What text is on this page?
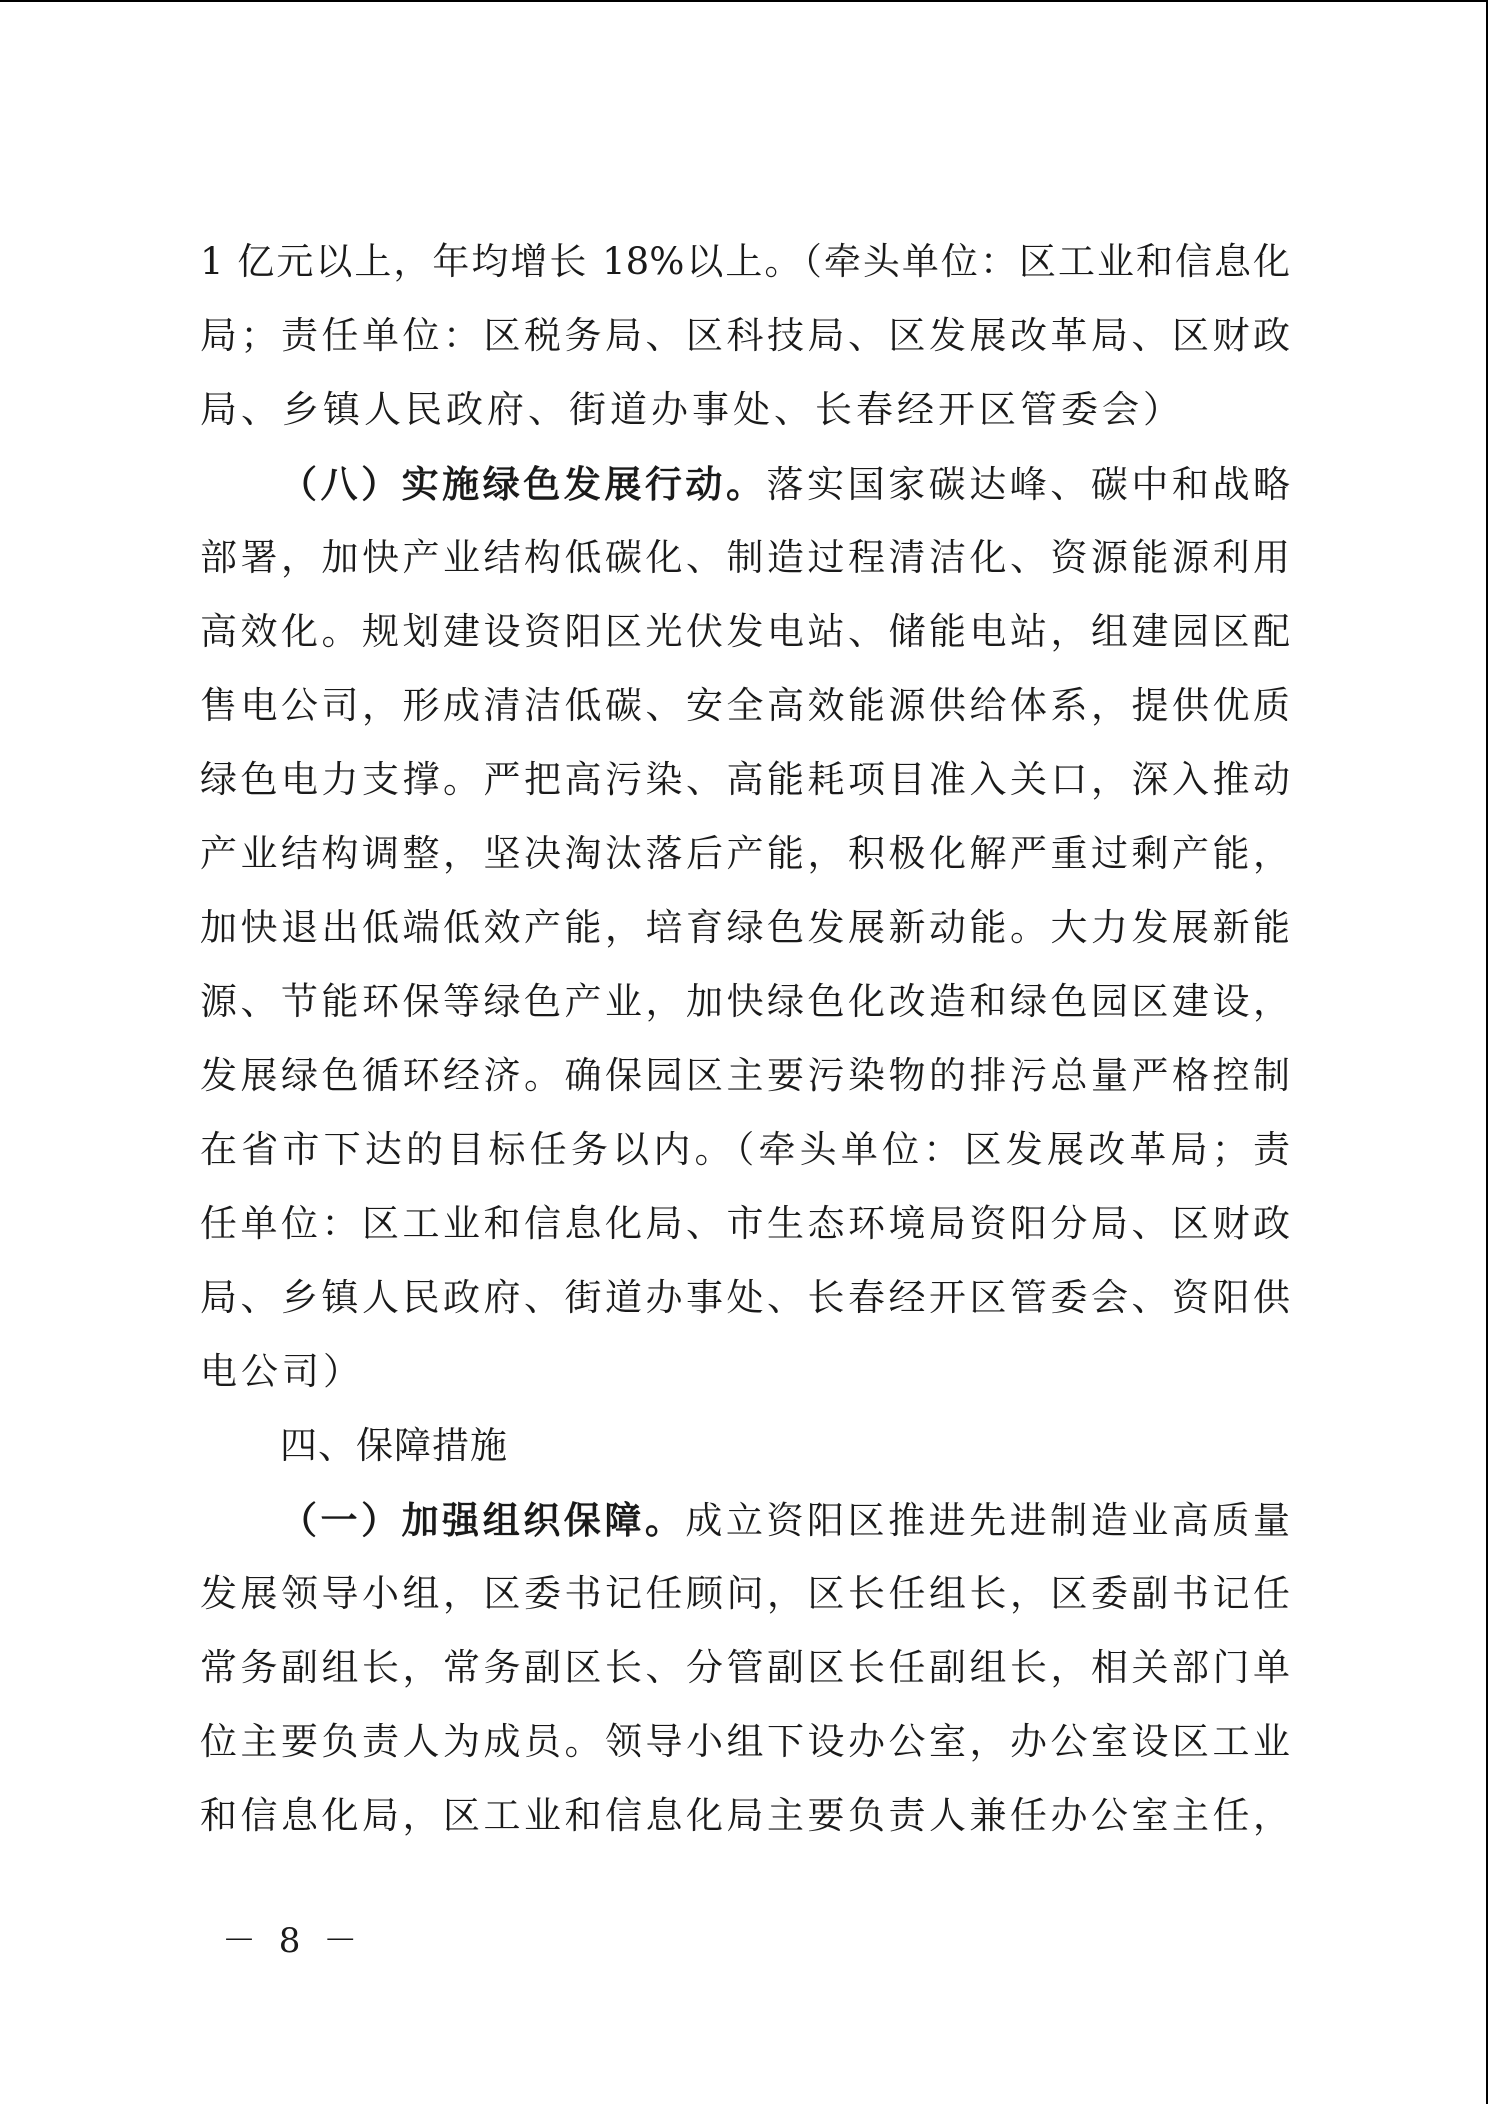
1 亿元以上，年均增长 18%以上。（牵头单位：区工业和信息化
局；责任单位：区税务局、区科技局、区发展改革局、区财政
局、乡镇人民政府、街道办事处、长春经开区管委会）
（八）实施绿色发展行动。落实国家碳达峰、碳中和战略
部署，加快产业结构低碳化、制造过程清洁化、资源能源利用
高效化。规划建设资阳区光伏发电站、储能电站，组建园区配
售电公司，形成清洁低碳、安全高效能源供给体系，提供优质
绿色电力支撑。严把高污染、高能耗项目准入关口，深入推动
产业结构调整，坚决淘汰落后产能，积极化解严重过剩产能，
加快退出低端低效产能，培育绿色发展新动能。大力发展新能
源、节能环保等绿色产业，加快绿色化改造和绿色园区建设，
发展绿色循环经济。确保园区主要污染物的排污总量严格控制
在省市下达的目标任务以内。（牵头单位：区发展改革局；责
任单位：区工业和信息化局、市生态环境局资阳分局、区财政
局、乡镇人民政府、街道办事处、长春经开区管委会、资阳供
电公司）
四、保障措施
（一）加强组织保障。成立资阳区推进先进制造业高质量
发展领导小组，区委书记任顾问，区长任组长，区委副书记任
常务副组长，常务副区长、分管副区长任副组长，相关部门单
位主要负责人为成员。领导小组下设办公室，办公室设区工业
和信息化局，区工业和信息化局主要负责人兼任办公室主任，
－ 8 －
